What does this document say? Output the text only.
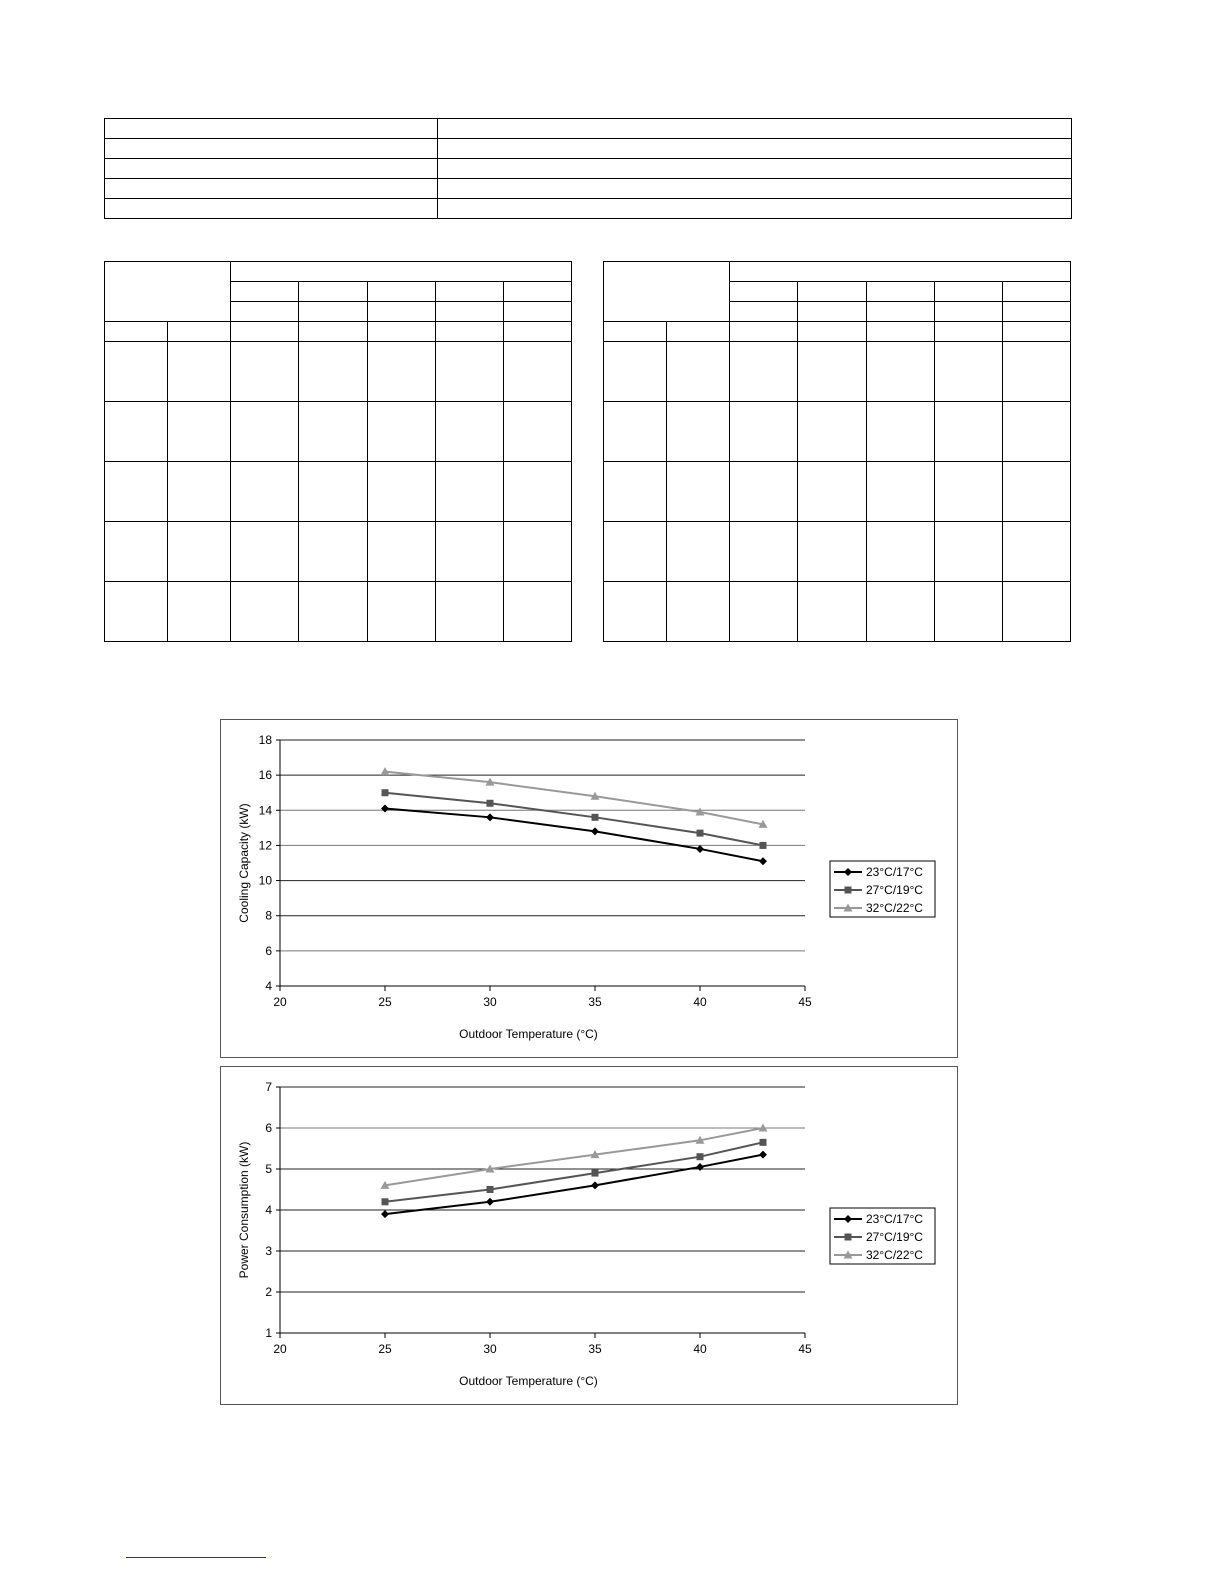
4
6
8
10
12
14
16
18
20	25	30	35	40	45
Outdoor Temperature (°C)
Cooling Capacity (kW)	23°C/17°C
27°C/19°C
32°C/22°C
1
2
3
4
5
6
7
20	25	30	35	40	45
Outdoor Temperature (°C)
Power Consumption (kW)	23°C/17°C
27°C/19°C
32°C/22°C
